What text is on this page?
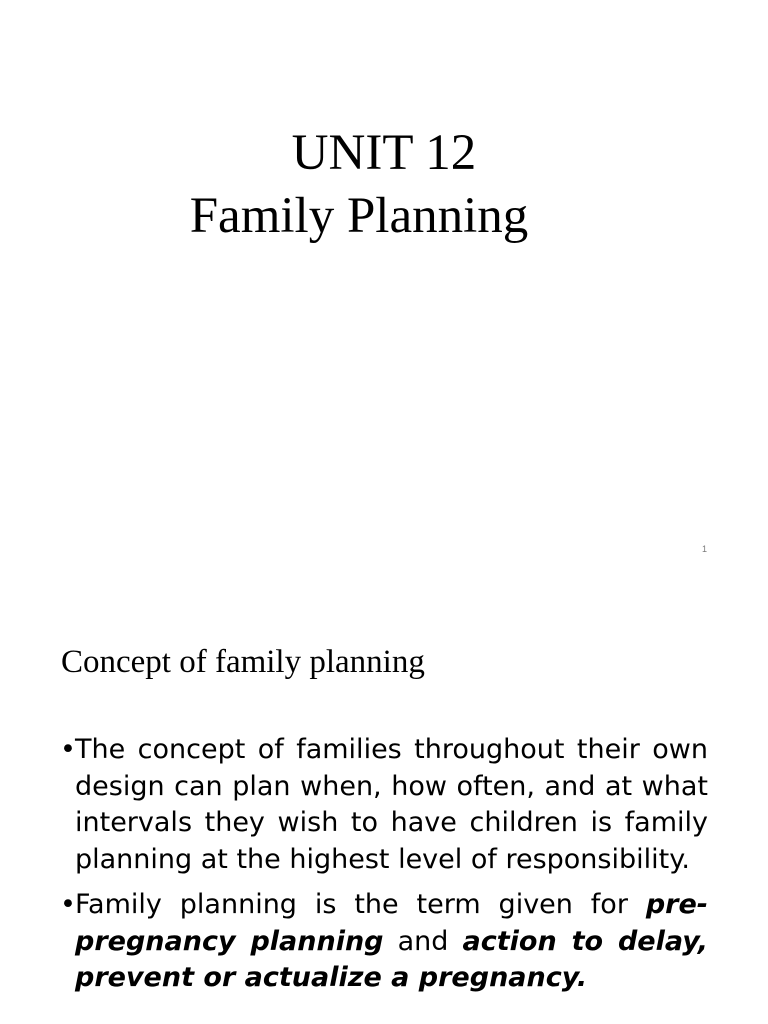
UNIT 12
Family Planning
1
Concept of family planning
• The concept of families throughout their own design can plan when, how often, and at what intervals they wish to have children is family planning at the highest level of responsibility.
• Family planning is the term given for pre-pregnancy planning and action to delay, prevent or actualize a pregnancy.
